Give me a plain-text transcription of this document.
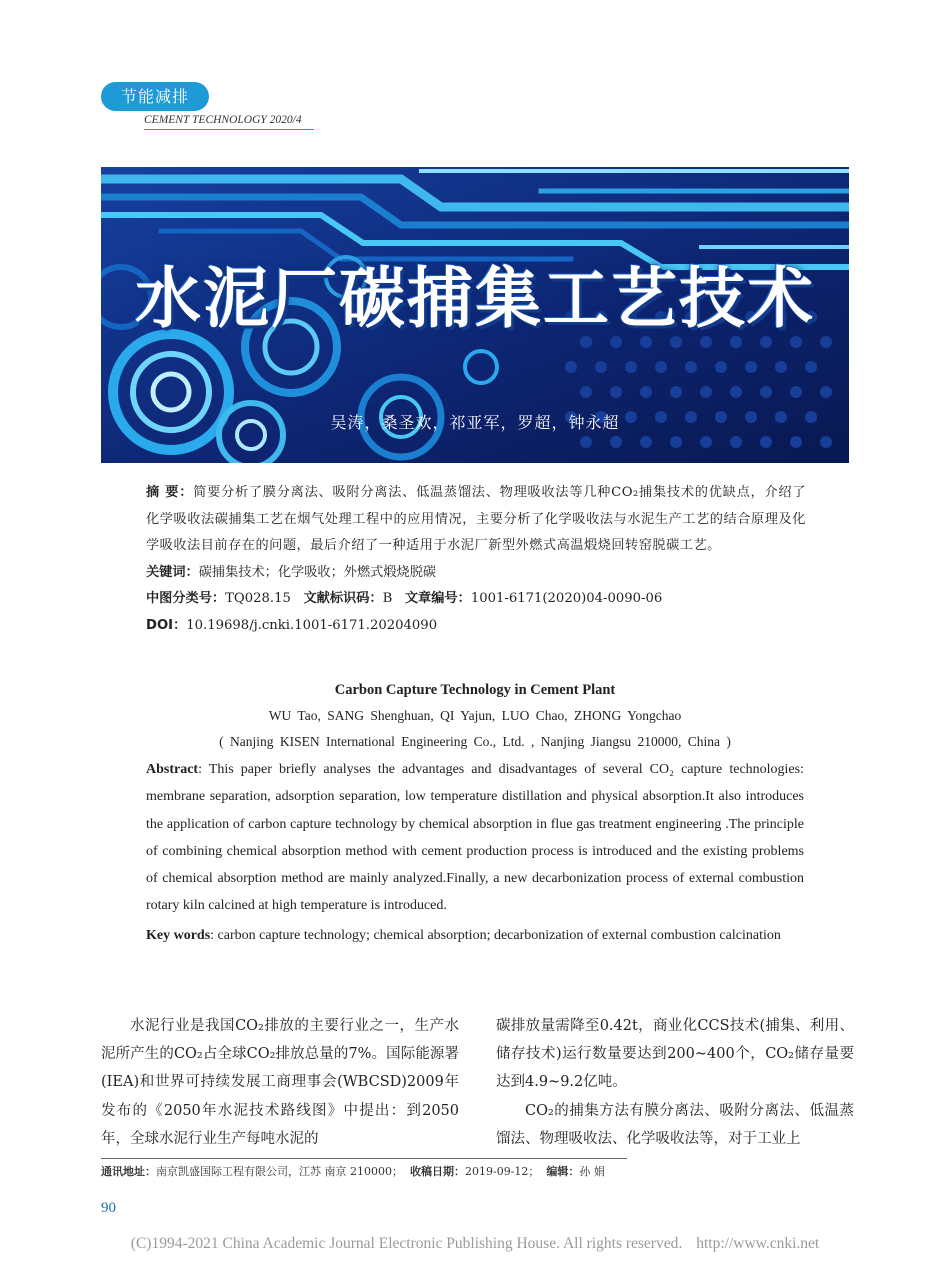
节能减排
CEMENT TECHNOLOGY 2020/4
水泥厂碳捕集工艺技术
吴涛，桑圣欢，祁亚军，罗超，钟永超

摘 要：简要分析了膜分离法、吸附分离法、低温蒸馏法、物理吸收法等几种CO₂捕集技术的优缺点，介绍了化学吸收法碳捕集工艺在烟气处理工程中的应用情况，主要分析了化学吸收法与水泥生产工艺的结合原理及化学吸收法目前存在的问题，最后介绍了一种适用于水泥厂新型外燃式高温煅烧回转窑脱碳工艺。

关键词：碳捕集技术；化学吸收；外燃式煅烧脱碳

中图分类号：TQ028.15 文献标识码：B 文章编号：1001-6171(2020)04-0090-06

DOI：10.19698/j.cnki.1001-6171.20204090

Carbon Capture Technology in Cement Plant
WU Tao, SANG Shenghuan, QI Yajun, LUO Chao, ZHONG Yongchao
( Nanjing KISEN International Engineering Co., Ltd. , Nanjing Jiangsu 210000, China )

Abstract: This paper briefly analyses the advantages and disadvantages of several CO₂ capture technologies: membrane separation, adsorption separation, low temperature distillation and physical absorption.It also introduces the application of carbon capture technology by chemical absorption in flue gas treatment engineering .The principle of combining chemical absorption method with cement production process is introduced and the existing problems of chemical absorption method are mainly analyzed.Finally, a new decarbonization process of external combustion rotary kiln calcined at high temperature is introduced.

Key words: carbon capture technology; chemical absorption; decarbonization of external combustion calcination

水泥行业是我国CO₂排放的主要行业之一，生产水泥所产生的CO₂占全球CO₂排放总量的7%。国际能源署(IEA)和世界可持续发展工商理事会(WBCSD)2009年发布的《2050年水泥技术路线图》中提出：到2050年，全球水泥行业生产每吨水泥的

碳排放量需降至0.42t，商业化CCS技术(捕集、利用、储存技术)运行数量要达到200~400个，CO₂储存量要达到4.9~9.2亿吨。

CO₂的捕集方法有膜分离法、吸附分离法、低温蒸馏法、物理吸收法、化学吸收法等，对于工业上

通讯地址：南京凯盛国际工程有限公司，江苏 南京 210000； 收稿日期：2019-09-12； 编辑：孙 娟
90
(C)1994-2021 China Academic Journal Electronic Publishing House. All rights reserved. http://www.cnki.net
